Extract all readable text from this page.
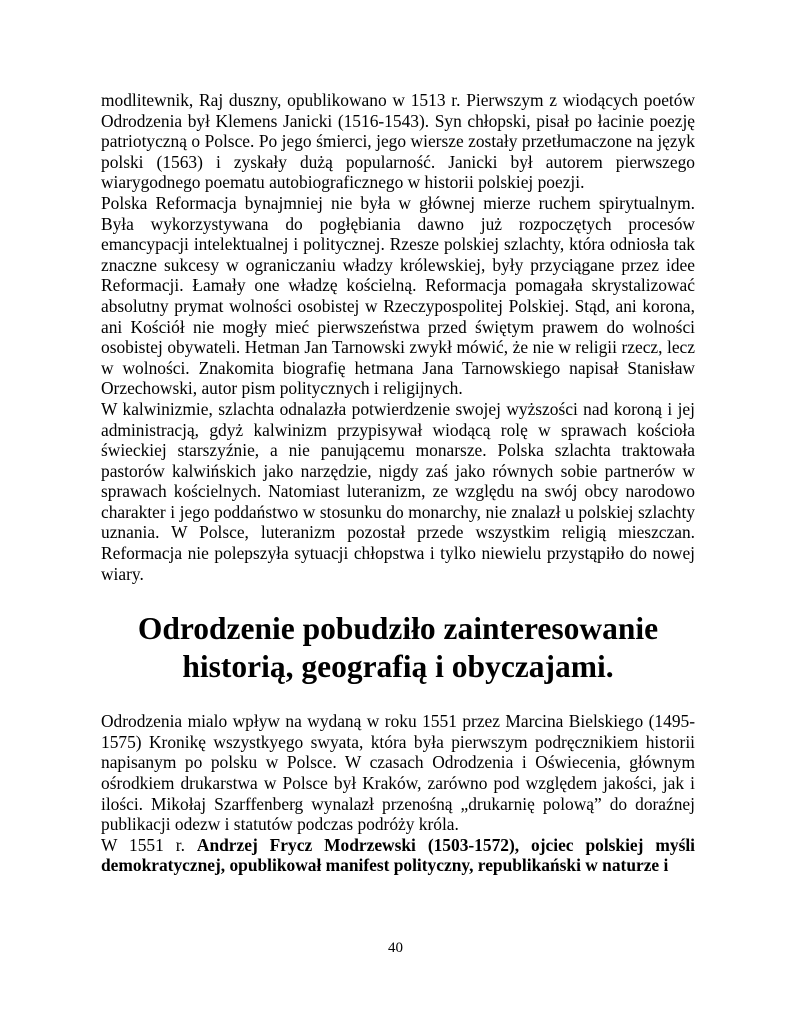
modlitewnik, Raj duszny, opublikowano w 1513 r. Pierwszym z wiodących poetów Odrodzenia był Klemens Janicki (1516-1543). Syn chłopski, pisał po łacinie poezję patriotyczną o Polsce. Po jego śmierci, jego wiersze zostały przetłumaczone na język polski (1563) i zyskały dużą popularność. Janicki był autorem pierwszego wiarygodnego poematu autobiograficznego w historii polskiej poezji.

Polska Reformacja bynajmniej nie była w głównej mierze ruchem spirytualnym. Była wykorzystywana do pogłębiania dawno już rozpoczętych procesów emancypacji intelektualnej i politycznej. Rzesze polskiej szlachty, która odniosła tak znaczne sukcesy w ograniczaniu władzy królewskiej, były przyciągane przez idee Reformacji. Łamały one władzę kościelną. Reformacja pomagała skrystalizować absolutny prymat wolności osobistej w Rzeczypospolitej Polskiej. Stąd, ani korona, ani Kościół nie mogły mieć pierwszeństwa przed świętym prawem do wolności osobistej obywateli. Hetman Jan Tarnowski zwykł mówić, że nie w religii rzecz, lecz w wolności. Znakomita biografię hetmana Jana Tarnowskiego napisał Stanisław Orzechowski, autor pism politycznych i religijnych.

W kalwinizmie, szlachta odnalazła potwierdzenie swojej wyższości nad koroną i jej administracją, gdyż kalwinizm przypisywał wiodącą rolę w sprawach kościoła świeckiej starszyźnie, a nie panującemu monarsze. Polska szlachta traktowała pastorów kalwińskich jako narzędzie, nigdy zaś jako równych sobie partnerów w sprawach kościelnych. Natomiast luteranizm, ze względu na swój obcy narodowo charakter i jego poddaństwo w stosunku do monarchy, nie znalazł u polskiej szlachty uznania. W Polsce, luteranizm pozostał przede wszystkim religią mieszczan. Reformacja nie polepszyła sytuacji chłopstwa i tylko niewielu przystąpiło do nowej wiary.

Odrodzenie pobudziło zainteresowanie
historią, geografią i obyczajami.

Odrodzenia mialo wpływ na wydaną w roku 1551 przez Marcina Bielskiego (1495-1575) Kronikę wszystkyego swyata, która była pierwszym podręcznikiem historii napisanym po polsku w Polsce. W czasach Odrodzenia i Oświecenia, głównym ośrodkiem drukarstwa w Polsce był Kraków, zarówno pod względem jakości, jak i ilości. Mikołaj Szarffenberg wynalazł przenośną „drukarnię polową” do doraźnej publikacji odezw i statutów podczas podróży króla.

W 1551 r. Andrzej Frycz Modrzewski (1503-1572), ojciec polskiej myśli demokratycznej, opublikował manifest polityczny, republikański w naturze i

40
